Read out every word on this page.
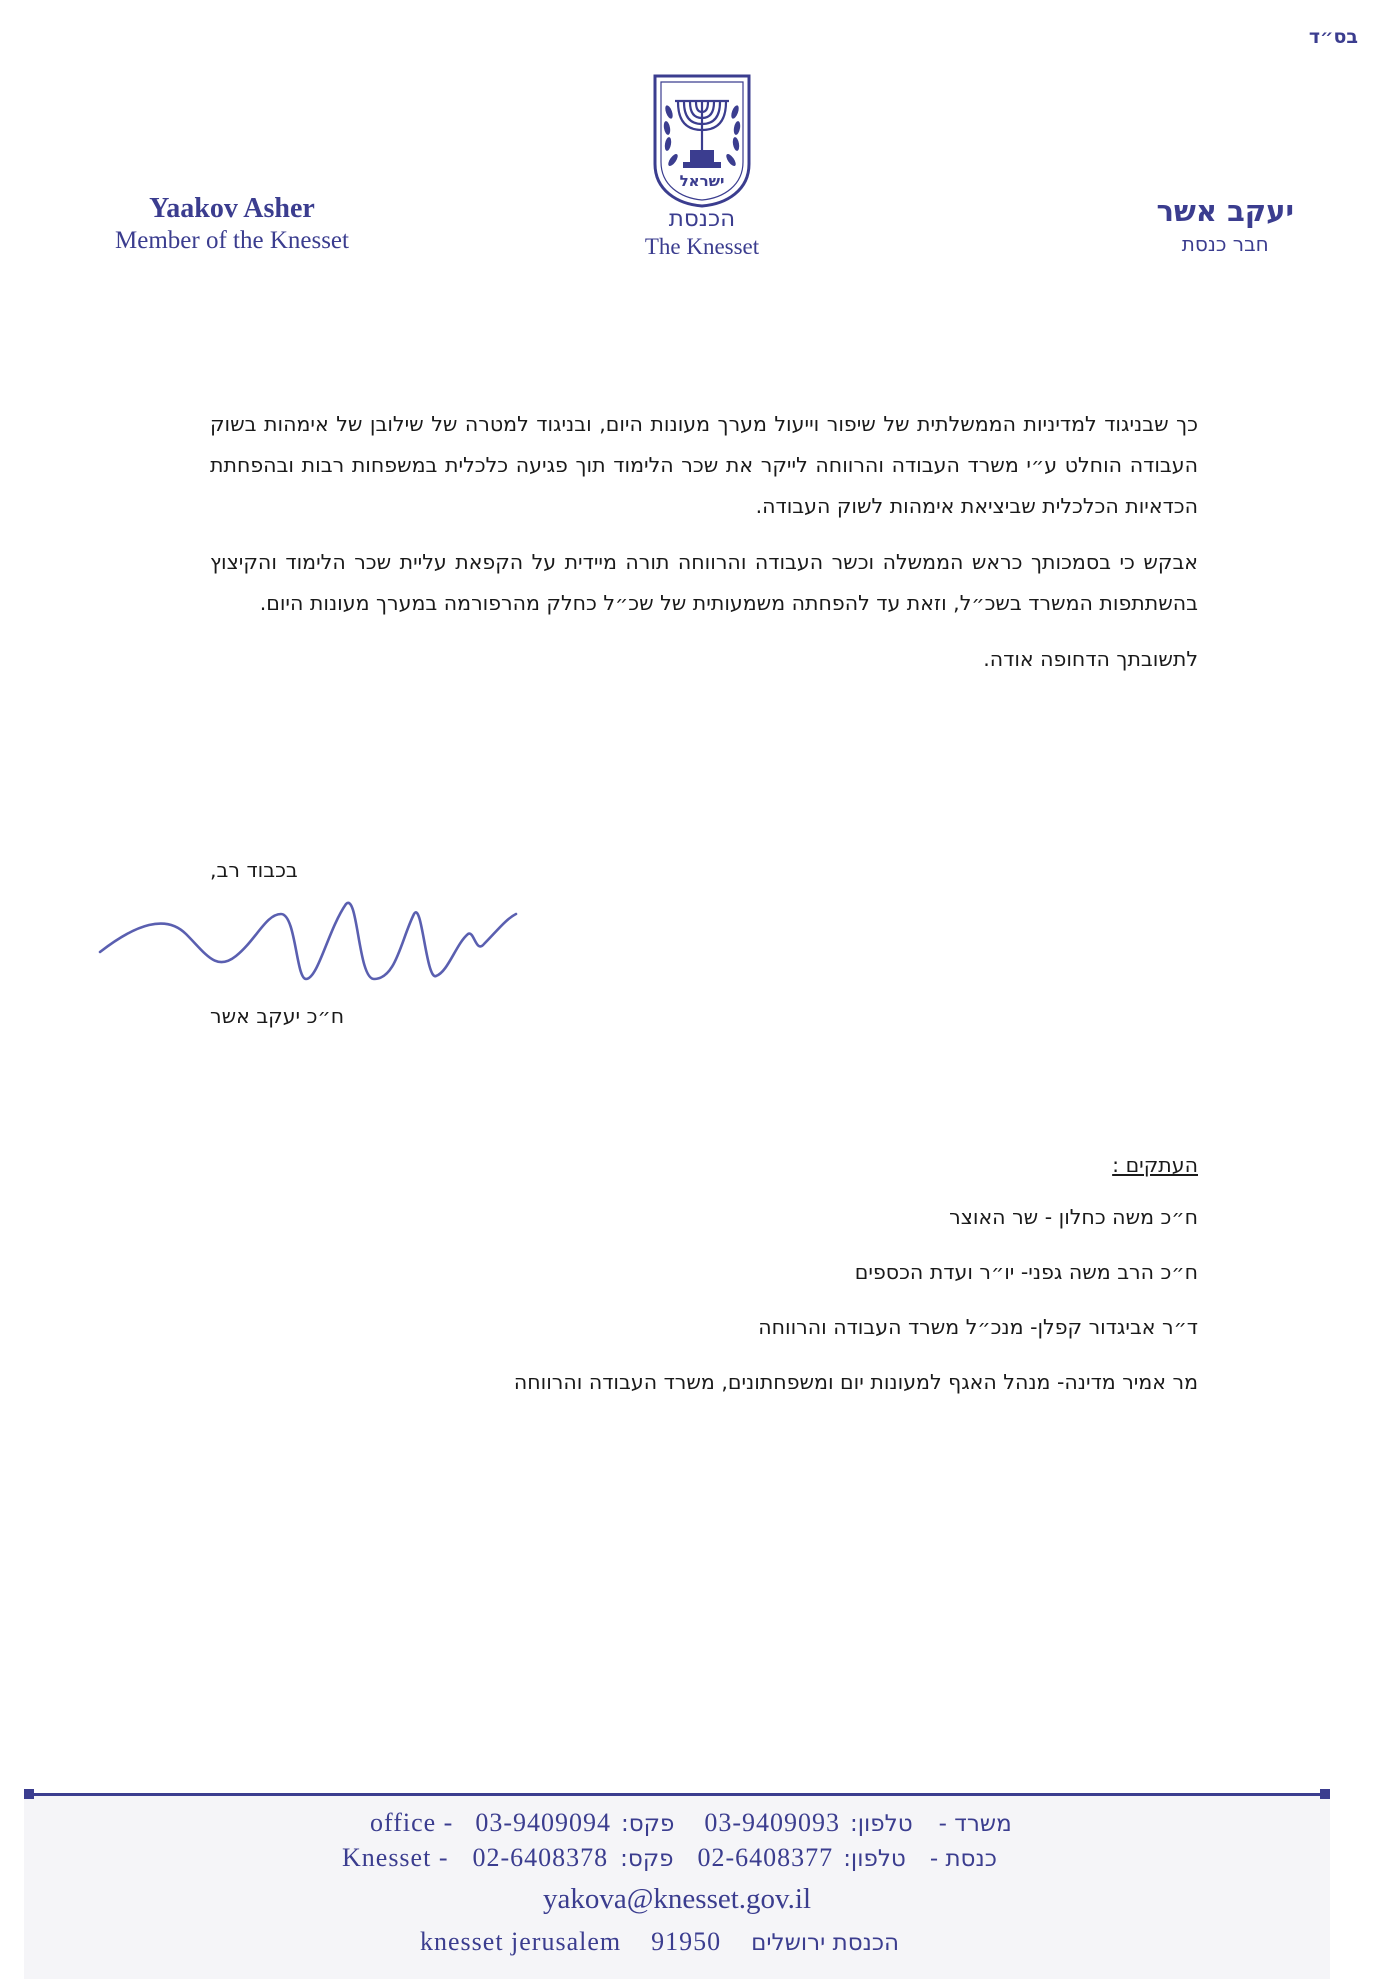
בס״ד
Yaakov Asher
Member of the Knesset
ישראל
הכנסת
The Knesset
יעקב אשר
חבר כנסת

כך שבניגוד למדיניות הממשלתית של שיפור וייעול מערך מעונות היום, ובניגוד למטרה של שילובן של אימהות בשוק העבודה הוחלט ע״י משרד העבודה והרווחה לייקר את שכר הלימוד תוך פגיעה כלכלית במשפחות רבות ובהפחתת הכדאיות הכלכלית שביציאת אימהות לשוק העבודה.

אבקש כי בסמכותך כראש הממשלה וכשר העבודה והרווחה תורה מיידית על הקפאת עליית שכר הלימוד והקיצוץ בהשתתפות המשרד בשכ״ל, וזאת עד להפחתה משמעותית של שכ״ל כחלק מהרפורמה במערך מעונות היום.

לתשובתך הדחופה אודה.

בכבוד רב,
ח״כ יעקב אשר
העתקים :
ח״כ משה כחלון - שר האוצר
ח״כ הרב משה גפני- יו״ר ועדת הכספים
ד״ר אביגדור קפלן- מנכ״ל משרד העבודה והרווחה
מר אמיר מדינה- מנהל האגף למעונות יום ומשפחתונים, משרד העבודה והרווחה
office - 03-9409094 פקס: 03-9409093 טלפון: משרד -
Knesset - 02-6408378 פקס: 02-6408377 טלפון: כנסת -
yakova@knesset.gov.il
knesset jerusalem 91950 הכנסת ירושלים
